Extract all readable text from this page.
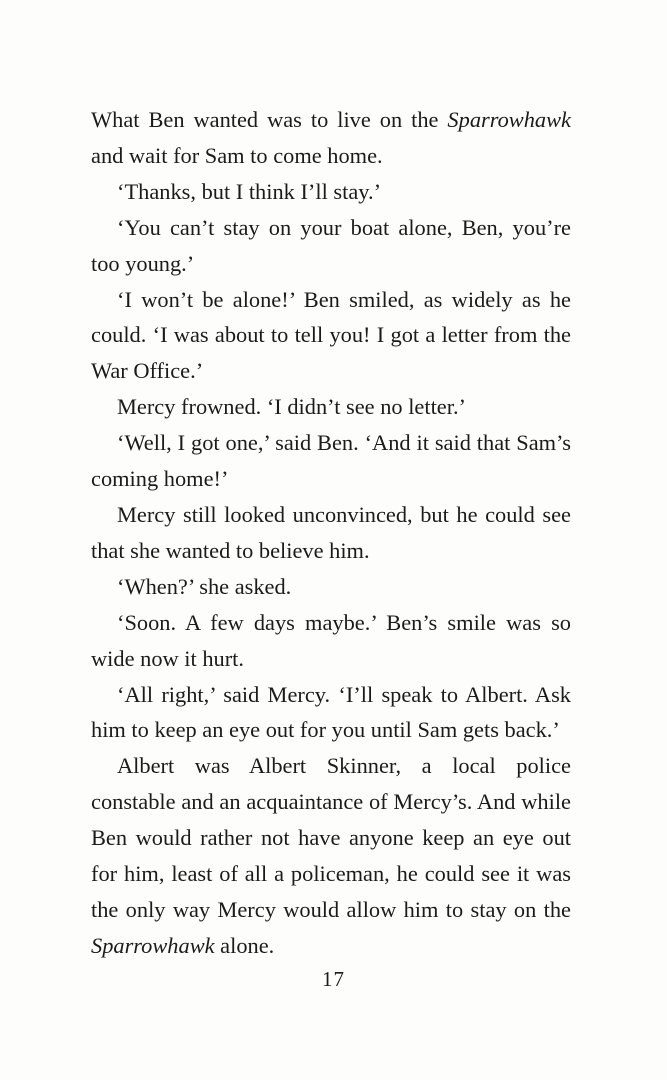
What Ben wanted was to live on the Sparrowhawk and wait for Sam to come home.

‘Thanks, but I think I’ll stay.’

‘You can’t stay on your boat alone, Ben, you’re too young.’

‘I won’t be alone!’ Ben smiled, as widely as he could. ‘I was about to tell you! I got a letter from the War Office.’

Mercy frowned. ‘I didn’t see no letter.’

‘Well, I got one,’ said Ben. ‘And it said that Sam’s coming home!’

Mercy still looked unconvinced, but he could see that she wanted to believe him.

‘When?’ she asked.

‘Soon. A few days maybe.’ Ben’s smile was so wide now it hurt.

‘All right,’ said Mercy. ‘I’ll speak to Albert. Ask him to keep an eye out for you until Sam gets back.’

Albert was Albert Skinner, a local police constable and an acquaintance of Mercy’s. And while Ben would rather not have anyone keep an eye out for him, least of all a policeman, he could see it was the only way Mercy would allow him to stay on the Sparrowhawk alone.

17
